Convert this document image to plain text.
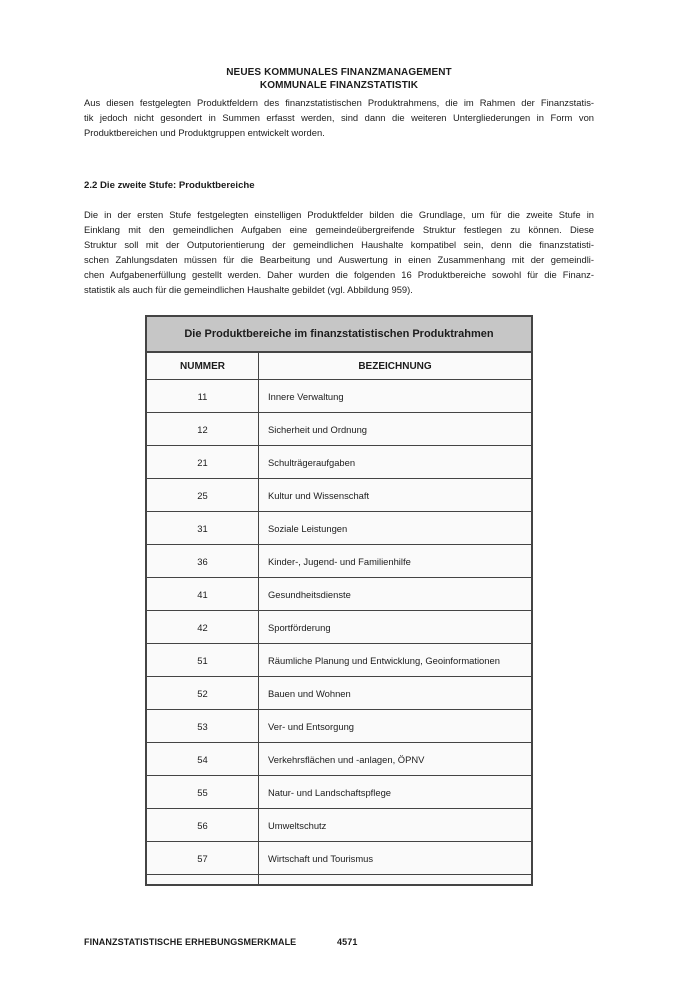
NEUES KOMMUNALES FINANZMANAGEMENT
KOMMUNALE FINANZSTATISTIK
Aus diesen festgelegten Produktfeldern des finanzstatistischen Produktrahmens, die im Rahmen der Finanzstatis-
tik jedoch nicht gesondert in Summen erfasst werden, sind dann die weiteren Untergliederungen in Form von
Produktbereichen und Produktgruppen entwickelt worden.
2.2 Die zweite Stufe: Produktbereiche
Die in der ersten Stufe festgelegten einstelligen Produktfelder bilden die Grundlage, um für die zweite Stufe in
Einklang mit den gemeindlichen Aufgaben eine gemeindeübergreifende Struktur festlegen zu können. Diese
Struktur soll mit der Outputorientierung der gemeindlichen Haushalte kompatibel sein, denn die finanzstatisti-
schen Zahlungsdaten müssen für die Bearbeitung und Auswertung in einen Zusammenhang mit der gemeindli-
chen Aufgabenerfüllung gestellt werden. Daher wurden die folgenden 16 Produktbereiche sowohl für die Finanz-
statistik als auch für die gemeindlichen Haushalte gebildet (vgl. Abbildung 959).
Die Produktbereiche im finanzstatistischen Produktrahmen
NUMMER	BEZEICHNUNG
11	Innere Verwaltung
12	Sicherheit und Ordnung
21	Schulträgeraufgaben
25	Kultur und Wissenschaft
31	Soziale Leistungen
36	Kinder-, Jugend- und Familienhilfe
41	Gesundheitsdienste
42	Sportförderung
51	Räumliche Planung und Entwicklung, Geoinformationen
52	Bauen und Wohnen
53	Ver- und Entsorgung
54	Verkehrsflächen und -anlagen, ÖPNV
55	Natur- und Landschaftspflege
56	Umweltschutz
57	Wirtschaft und Tourismus
FINANZSTATISTISCHE ERHEBUNGSMERKMALE	4571
